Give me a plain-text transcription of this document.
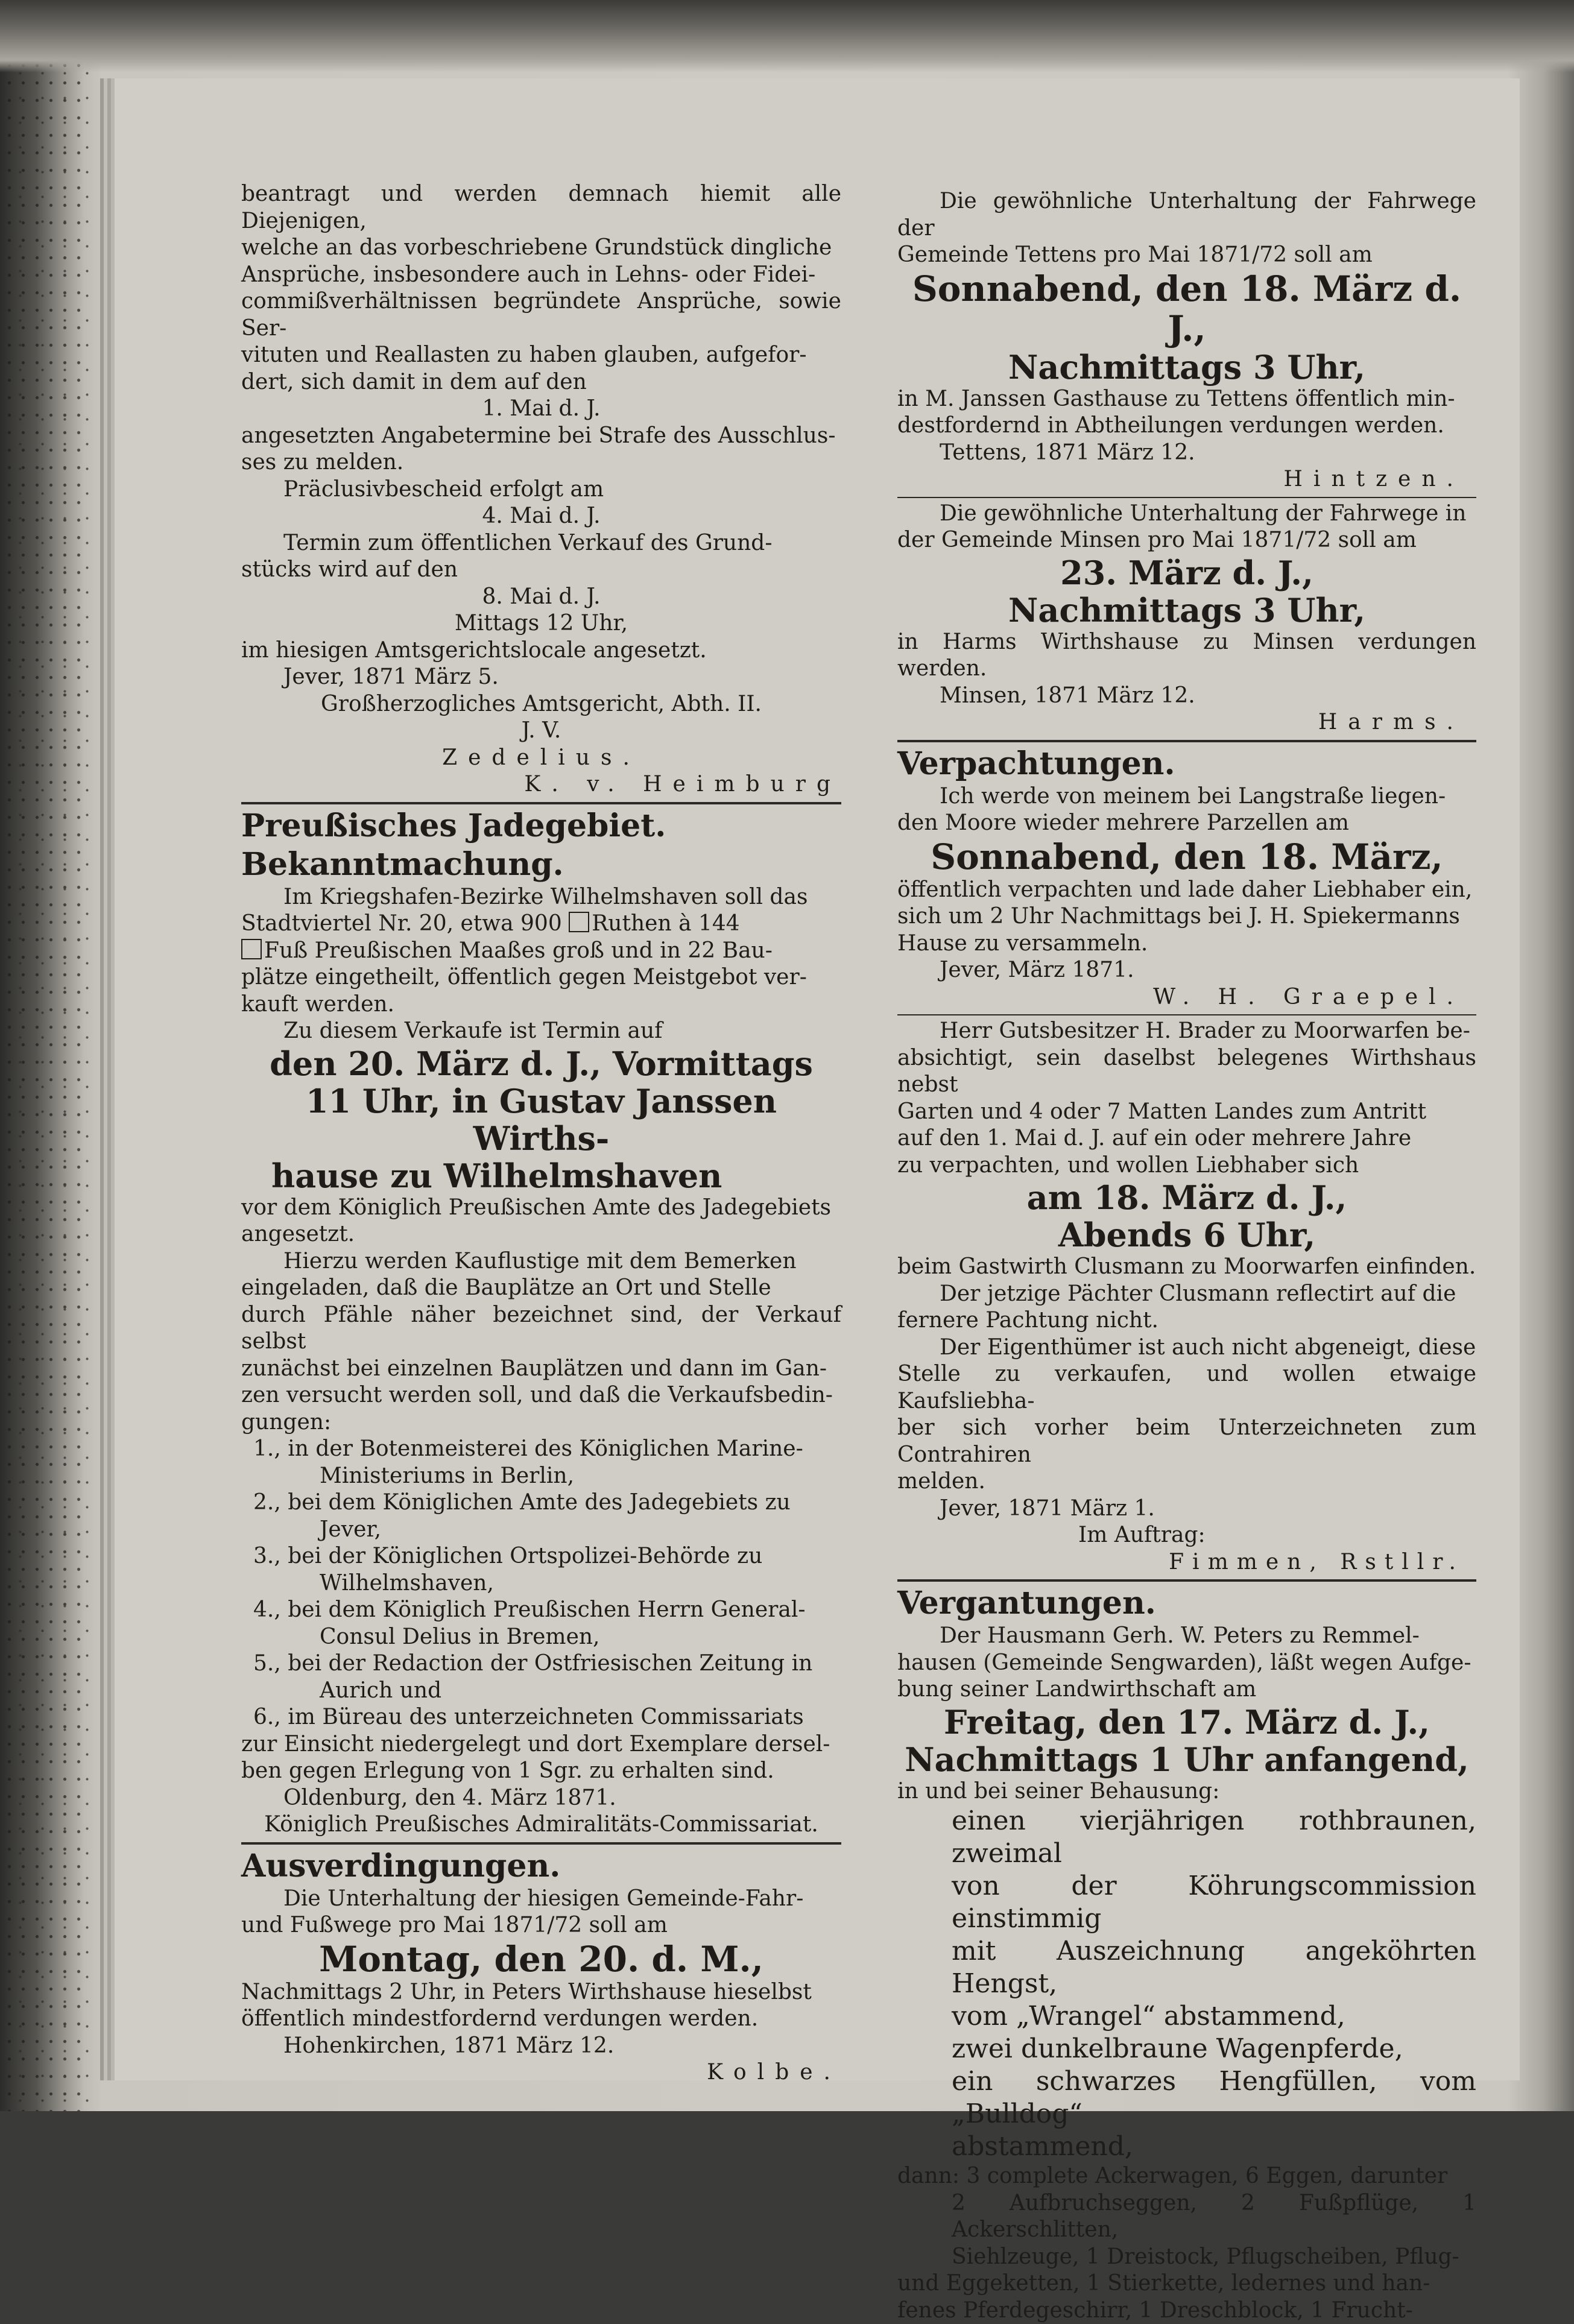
beantragt und werden demnach hiemit alle Diejenigen,

welche an das vorbeschriebene Grundstück dingliche

Ansprüche, insbesondere auch in Lehns- oder Fidei-

commißverhältnissen begründete Ansprüche, sowie Ser-

vituten und Reallasten zu haben glauben, aufgefor-

dert, sich damit in dem auf den

1. Mai d. J.

angesetzten Angabetermine bei Strafe des Ausschlus-

ses zu melden.

Präclusivbescheid erfolgt am

4. Mai d. J.

Termin zum öffentlichen Verkauf des Grund-

stücks wird auf den

8. Mai d. J.

Mittags 12 Uhr,

im hiesigen Amtsgerichtslocale angesetzt.

Jever, 1871 März 5.

Großherzogliches Amtsgericht, Abth. II.

J. V.

Zedelius.

K. v. Heimburg

Preußisches Jadegebiet.

Bekanntmachung.

Im Kriegshafen-Bezirke Wilhelmshaven soll das

Stadtviertel Nr. 20, etwa 900 Ruthen à 144

Fuß Preußischen Maaßes groß und in 22 Bau-

plätze eingetheilt, öffentlich gegen Meistgebot ver-

kauft werden.

Zu diesem Verkaufe ist Termin auf

den 20. März d. J., Vormittags

11 Uhr, in Gustav Janssen Wirths-

hause zu Wilhelmshaven

vor dem Königlich Preußischen Amte des Jadegebiets

angesetzt.

Hierzu werden Kauflustige mit dem Bemerken

eingeladen, daß die Bauplätze an Ort und Stelle

durch Pfähle näher bezeichnet sind, der Verkauf selbst

zunächst bei einzelnen Bauplätzen und dann im Gan-

zen versucht werden soll, und daß die Verkaufsbedin-

gungen:

1., in der Botenmeisterei des Königlichen Marine-

Ministeriums in Berlin,

2., bei dem Königlichen Amte des Jadegebiets zu

Jever,

3., bei der Königlichen Ortspolizei-Behörde zu

Wilhelmshaven,

4., bei dem Königlich Preußischen Herrn General-

Consul Delius in Bremen,

5., bei der Redaction der Ostfriesischen Zeitung in

Aurich und

6., im Büreau des unterzeichneten Commissariats

zur Einsicht niedergelegt und dort Exemplare dersel-

ben gegen Erlegung von 1 Sgr. zu erhalten sind.

Oldenburg, den 4. März 1871.

Königlich Preußisches Admiralitäts-Commissariat.

Ausverdingungen.

Die Unterhaltung der hiesigen Gemeinde-Fahr-

und Fußwege pro Mai 1871/72 soll am

Montag, den 20. d. M.,

Nachmittags 2 Uhr, in Peters Wirthshause hieselbst

öffentlich mindestfordernd verdungen werden.

Hohenkirchen, 1871 März 12.

Kolbe.

Die gewöhnliche Unterhaltung der Fahrwege der

Gemeinde Tettens pro Mai 1871/72 soll am

Sonnabend, den 18. März d. J.,

Nachmittags 3 Uhr,

in M. Janssen Gasthause zu Tettens öffentlich min-

destfordernd in Abtheilungen verdungen werden.

Tettens, 1871 März 12.

Hintzen.

Die gewöhnliche Unterhaltung der Fahrwege in

der Gemeinde Minsen pro Mai 1871/72 soll am

23. März d. J.,

Nachmittags 3 Uhr,

in Harms Wirthshause zu Minsen verdungen werden.

Minsen, 1871 März 12.

Harms.

Verpachtungen.

Ich werde von meinem bei Langstraße liegen-

den Moore wieder mehrere Parzellen am

Sonnabend, den 18. März,

öffentlich verpachten und lade daher Liebhaber ein,

sich um 2 Uhr Nachmittags bei J. H. Spiekermanns

Hause zu versammeln.

Jever, März 1871.

W. H. Graepel.

Herr Gutsbesitzer H. Brader zu Moorwarfen be-

absichtigt, sein daselbst belegenes Wirthshaus nebst

Garten und 4 oder 7 Matten Landes zum Antritt

auf den 1. Mai d. J. auf ein oder mehrere Jahre

zu verpachten, und wollen Liebhaber sich

am 18. März d. J.,

Abends 6 Uhr,

beim Gastwirth Clusmann zu Moorwarfen einfinden.

Der jetzige Pächter Clusmann reflectirt auf die

fernere Pachtung nicht.

Der Eigenthümer ist auch nicht abgeneigt, diese

Stelle zu verkaufen, und wollen etwaige Kaufsliebha-

ber sich vorher beim Unterzeichneten zum Contrahiren

melden.

Jever, 1871 März 1.

Im Auftrag:

Fimmen, Rstllr.

Vergantungen.

Der Hausmann Gerh. W. Peters zu Remmel-

hausen (Gemeinde Sengwarden), läßt wegen Aufge-

bung seiner Landwirthschaft am

Freitag, den 17. März d. J.,

Nachmittags 1 Uhr anfangend,

in und bei seiner Behausung:

einen vierjährigen rothbraunen, zweimal

von der Köhrungscommission einstimmig

mit Auszeichnung angeköhrten Hengst,

vom „Wrangel“ abstammend,

zwei dunkelbraune Wagenpferde,

ein schwarzes Hengfüllen, vom „Bulldog“

abstammend,

dann: 3 complete Ackerwagen, 6 Eggen, darunter

2 Aufbruchseggen, 2 Fußpflüge, 1 Ackerschlitten,

Siehlzeuge, 1 Dreistock, Pflugscheiben, Pflug-

und Eggeketten, 1 Stierkette, ledernes und han-

fenes Pferdegeschirr, 1 Dreschblock, 1 Frucht-
